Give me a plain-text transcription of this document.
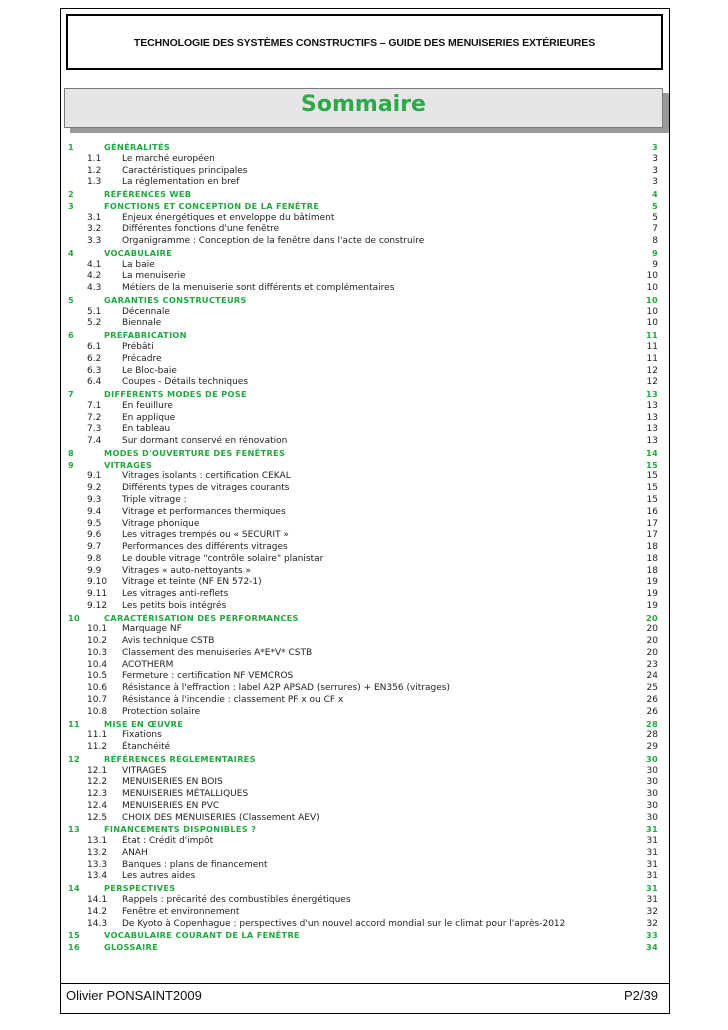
TECHNOLOGIE DES SYSTÈMES CONSTRUCTIFS – GUIDE DES MENUISERIES EXTÉRIEURES
Sommaire
1	GÉNÉRALITÉS	3
1.1 Le marché européen	3
1.2 Caractéristiques principales	3
1.3 La réglementation en bref	3
2	RÉFÉRENCES WEB	4
3	FONCTIONS ET CONCEPTION DE LA FENÊTRE	5
3.1 Enjeux énergétiques et enveloppe du bâtiment	5
3.2 Différentes fonctions d'une fenêtre	7
3.3 Organigramme : Conception de la fenêtre dans l'acte de construire	8
4	VOCABULAIRE	9
4.1 La baie	9
4.2 La menuiserie	10
4.3 Métiers de la menuiserie sont différents et complémentaires	10
5	GARANTIES CONSTRUCTEURS	10
5.1 Décennale	10
5.2 Biennale	10
6	PRÉFABRICATION	11
6.1 Prébâti	11
6.2 Précadre	11
6.3 Le Bloc-baie	12
6.4 Coupes - Détails techniques	12
7	DIFFÉRENTS MODES DE POSE	13
7.1 En feuillure	13
7.2 En applique	13
7.3 En tableau	13
7.4 Sur dormant conservé en rénovation	13
8	MODES D'OUVERTURE DES FENÊTRES	14
9	VITRAGES	15
9.1 Vitrages isolants : certification CEKAL	15
9.2 Différents types de vitrages courants	15
9.3 Triple vitrage :	15
9.4 Vitrage et performances thermiques	16
9.5 Vitrage phonique	17
9.6 Les vitrages trempés ou « SECURIT »	17
9.7 Performances des différents vitrages	18
9.8 Le double vitrage "contrôle solaire" planistar	18
9.9 Vitrages « auto-nettoyants »	18
9.10 Vitrage et teinte (NF EN 572-1)	19
9.11 Les vitrages anti-reflets	19
9.12 Les petits bois intégrés	19
10	CARACTÉRISATION DES PERFORMANCES	20
10.1 Marquage NF	20
10.2 Avis technique CSTB	20
10.3 Classement des menuiseries A*E*V* CSTB	20
10.4 ACOTHERM	23
10.5 Fermeture : certification NF VEMCROS	24
10.6 Résistance à l'effraction : label A2P APSAD (serrures) + EN356 (vitrages)	25
10.7 Résistance à l'incendie : classement PF x ou CF x	26
10.8 Protection solaire	26
11	MISE EN ŒUVRE	28
11.1 Fixations	28
11.2 Étanchéité	29
12	RÉFÉRENCES RÉGLEMENTAIRES	30
12.1 VITRAGES	30
12.2 MENUISERIES EN BOIS	30
12.3 MENUISERIES MÉTALLIQUES	30
12.4 MENUISERIES EN PVC	30
12.5 CHOIX DES MENUISERIES (Classement AEV)	30
13	FINANCEMENTS DISPONIBLES ?	31
13.1 État : Crédit d'impôt	31
13.2 ANAH	31
13.3 Banques : plans de financement	31
13.4 Les autres aides	31
14	PERSPECTIVES	31
14.1 Rappels : précarité des combustibles énergétiques	31
14.2 Fenêtre et environnement	32
14.3 De Kyoto à Copenhague : perspectives d'un nouvel accord mondial sur le climat pour l'après-2012	32
15	VOCABULAIRE COURANT DE LA FENÊTRE	33
16	GLOSSAIRE	34
Olivier PONSAINT2009	P2/39
